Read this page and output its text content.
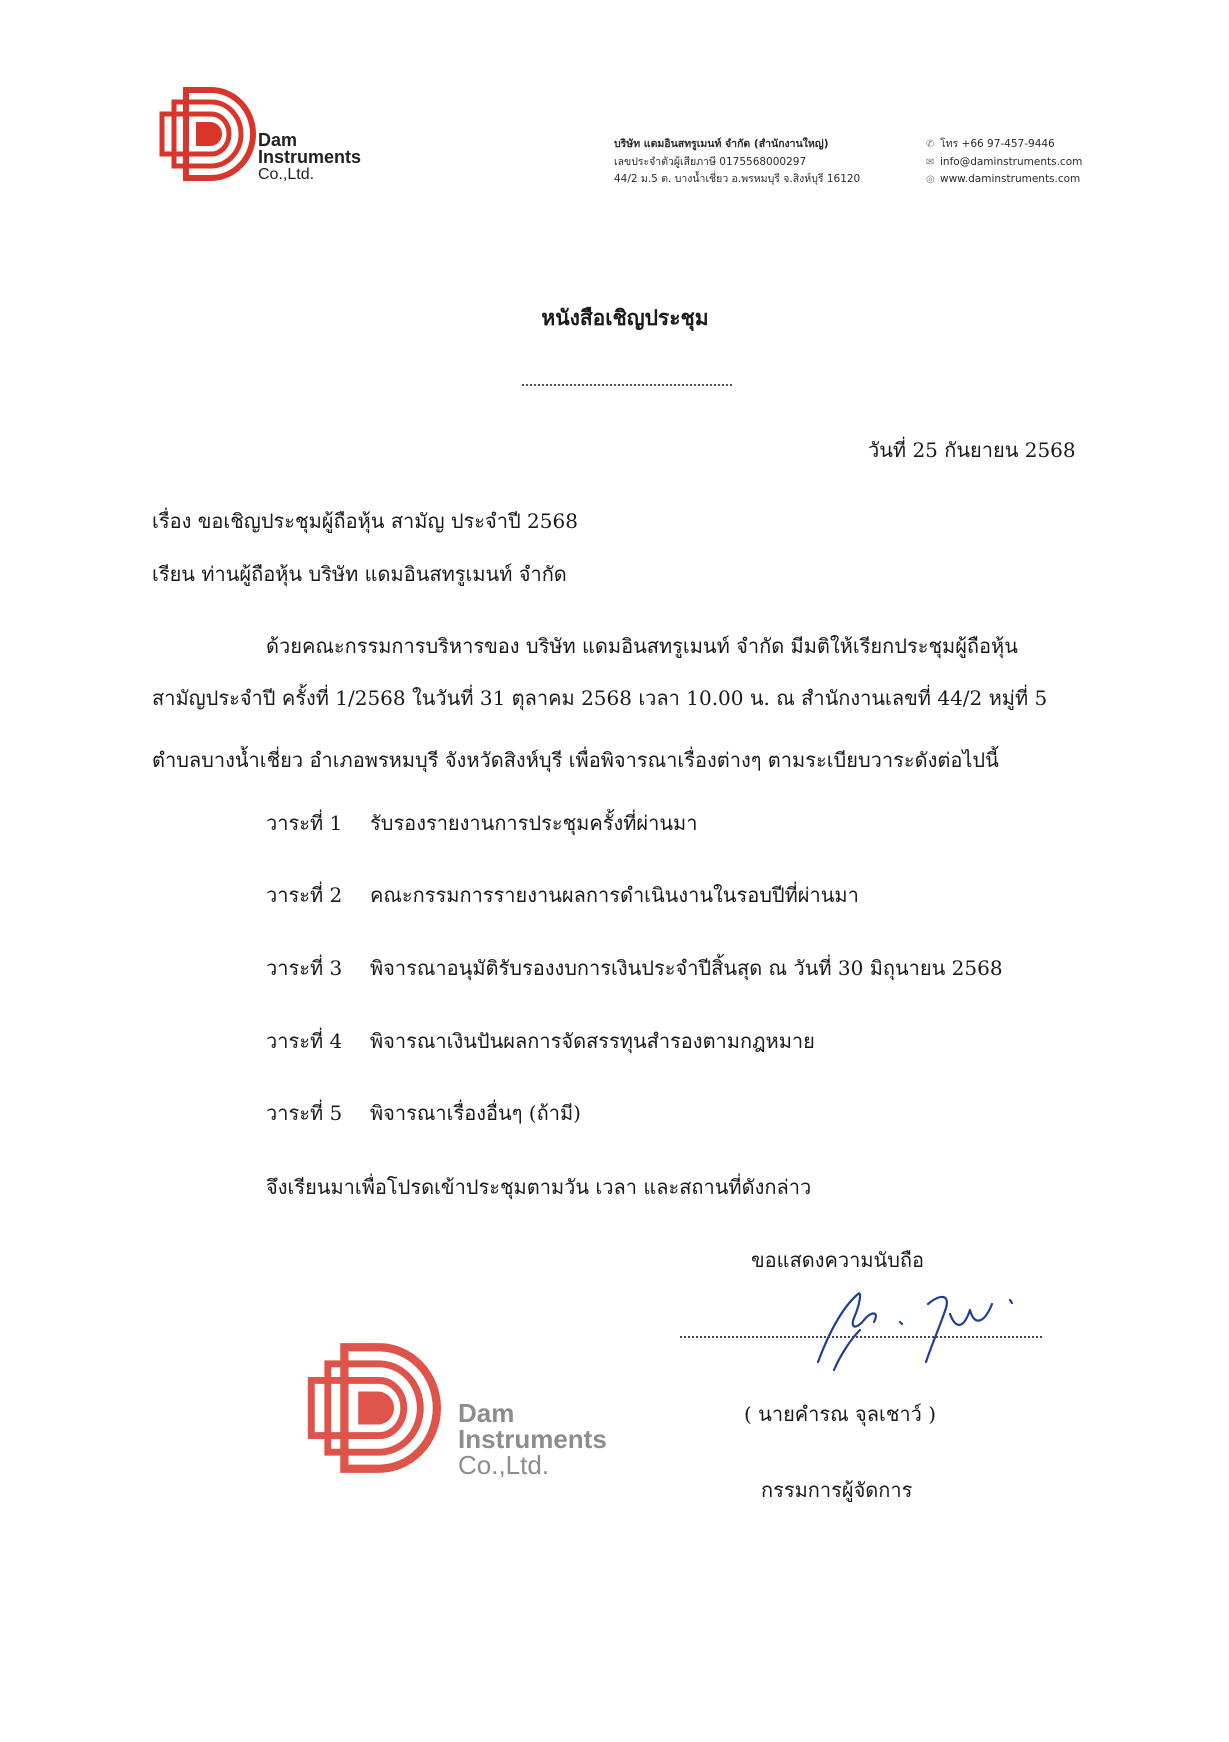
Dam
Instruments
Co.,Ltd.
บริษัท แดมอินสทรูเมนท์ จำกัด (สำนักงานใหญ่)
เลขประจำตัวผู้เสียภาษี 0175568000297
44/2 ม.5 ต. บางน้ำเชี่ยว อ.พรหมบุรี จ.สิงห์บุรี 16120
✆ โทร +66 97-457-9446
✉ info@daminstruments.com
◎ www.daminstruments.com
หนังสือเชิญประชุม
วันที่ 25 กันยายน 2568
เรื่อง ขอเชิญประชุมผู้ถือหุ้น สามัญ ประจำปี 2568
เรียน ท่านผู้ถือหุ้น บริษัท แดมอินสทรูเมนท์ จำกัด
ด้วยคณะกรรมการบริหารของ บริษัท แดมอินสทรูเมนท์ จำกัด มีมติให้เรียกประชุมผู้ถือหุ้น
สามัญประจำปี ครั้งที่ 1/2568 ในวันที่ 31 ตุลาคม 2568 เวลา 10.00 น. ณ สำนักงานเลขที่ 44/2 หมู่ที่ 5
ตำบลบางน้ำเชี่ยว อำเภอพรหมบุรี จังหวัดสิงห์บุรี เพื่อพิจารณาเรื่องต่างๆ ตามระเบียบวาระดังต่อไปนี้
วาระที่ 1 รับรองรายงานการประชุมครั้งที่ผ่านมา
วาระที่ 2 คณะกรรมการรายงานผลการดำเนินงานในรอบปีที่ผ่านมา
วาระที่ 3 พิจารณาอนุมัติรับรองงบการเงินประจำปีสิ้นสุด ณ วันที่ 30 มิถุนายน 2568
วาระที่ 4 พิจารณาเงินปันผลการจัดสรรทุนสำรองตามกฎหมาย
วาระที่ 5 พิจารณาเรื่องอื่นๆ (ถ้ามี)
จึงเรียนมาเพื่อโปรดเข้าประชุมตามวัน เวลา และสถานที่ดังกล่าว
ขอแสดงความนับถือ
( นายคำรณ จุลเชาว์ )
กรรมการผู้จัดการ
Dam
Instruments
Co.,Ltd.
